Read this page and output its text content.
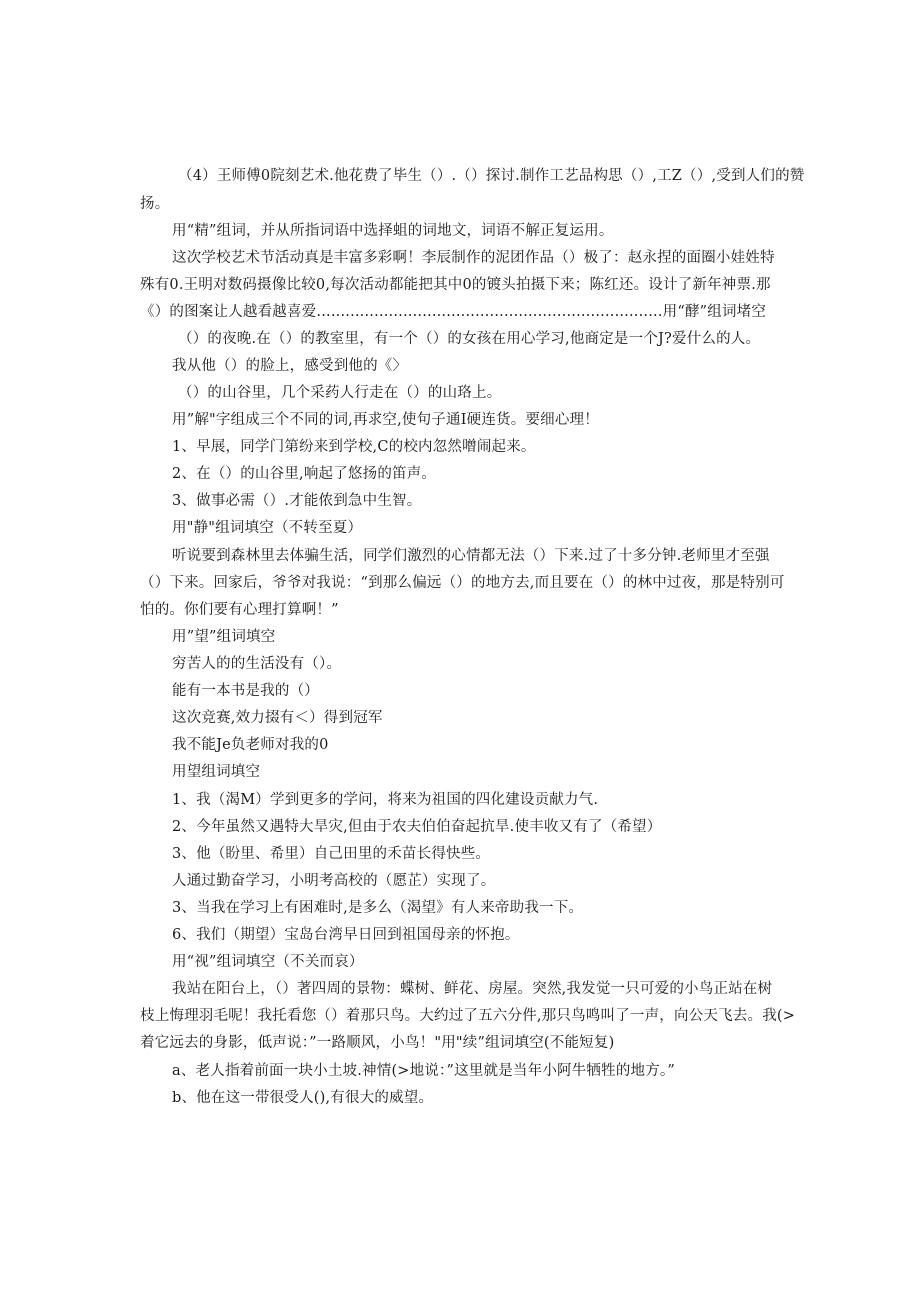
（4）王师傅0院刻艺术.他花费了毕生（）.（）探讨.制作工艺品构思（）,工Z（）,受到人们的赞
扬。
用“精”组词，并从所指词语中选择蛆的词地文，词语不解正复运用。
这次学校艺术节活动真是丰富多彩啊！李辰制作的泥团作品（）极了：赵永捏的面圈小娃姓特
殊有0.王明对数码摄像比较0,每次活动都能把其中0的镀头拍摄下来；陈红还。设计了新年神票.那
《）的图案让人越看越喜爱........................................................................用“酵”组词堵空
（）的夜晚.在（）的教室里，有一个（）的女孩在用心学习,他商定是一个J?爱什么的人。
我从他（）的脸上，感受到他的《〉
（）的山谷里，几个采药人行走在（）的山珞上。
用”解"字组成三个不同的词,再求空,使句子通I硬连货。要细心理！
1、早展，同学门第纷来到学校,C的校内忽然噌闹起来。
2、在（）的山谷里,响起了悠扬的笛声。
3、做事必需（）.才能侬到急中生智。
用"静"组词填空（不转至夏）
听说要到森林里去体骗生活，同学们激烈的心情都无法（）下来.过了十多分钟.老师里才至强
（）下来。回家后，爷爷对我说：“到那么偏远（）的地方去,而且要在（）的林中过夜，那是特别可
怕的。你们要有心理打算啊！”
用”望”组词填空
穷苦人的的生活没有（）。
能有一本书是我的（）
这次竞赛,效力掇有＜）得到冠军
我不能Je负老师对我的0
用望组词填空
1、我（渴M）学到更多的学问，将来为祖国的四化建设贡献力气.
2、今年虽然又遇特大旱灾,但由于农夫伯伯奋起抗旱.使丰收又有了（希望）
3、他（盼里、希里）自己田里的禾苗长得快些。
人通过勤奋学习，小明考高校的（愿芷）实现了。
3、当我在学习上有困难时,是多么（渴望》有人来帝助我一下。
6、我们（期望）宝岛台湾早日回到祖国母亲的怀抱。
用“视”组词填空（不关而哀）
我站在阳台上，（）著四周的景物：蝶树、鲜花、房屋。突然,我发觉一只可爱的小鸟正站在树
枝上悔理羽毛呢！我托看您（）着那只鸟。大约过了五六分件,那只鸟鸣叫了一声，向公天飞去。我(>
着它远去的身影，低声说：”一路顺风，小鸟！"用"续”组词填空(不能短复)
a、老人指着前面一块小土坡.神情(>地说：”这里就是当年小阿牛牺牲的地方。”
b、他在这一带很受人(),有很大的威望。
